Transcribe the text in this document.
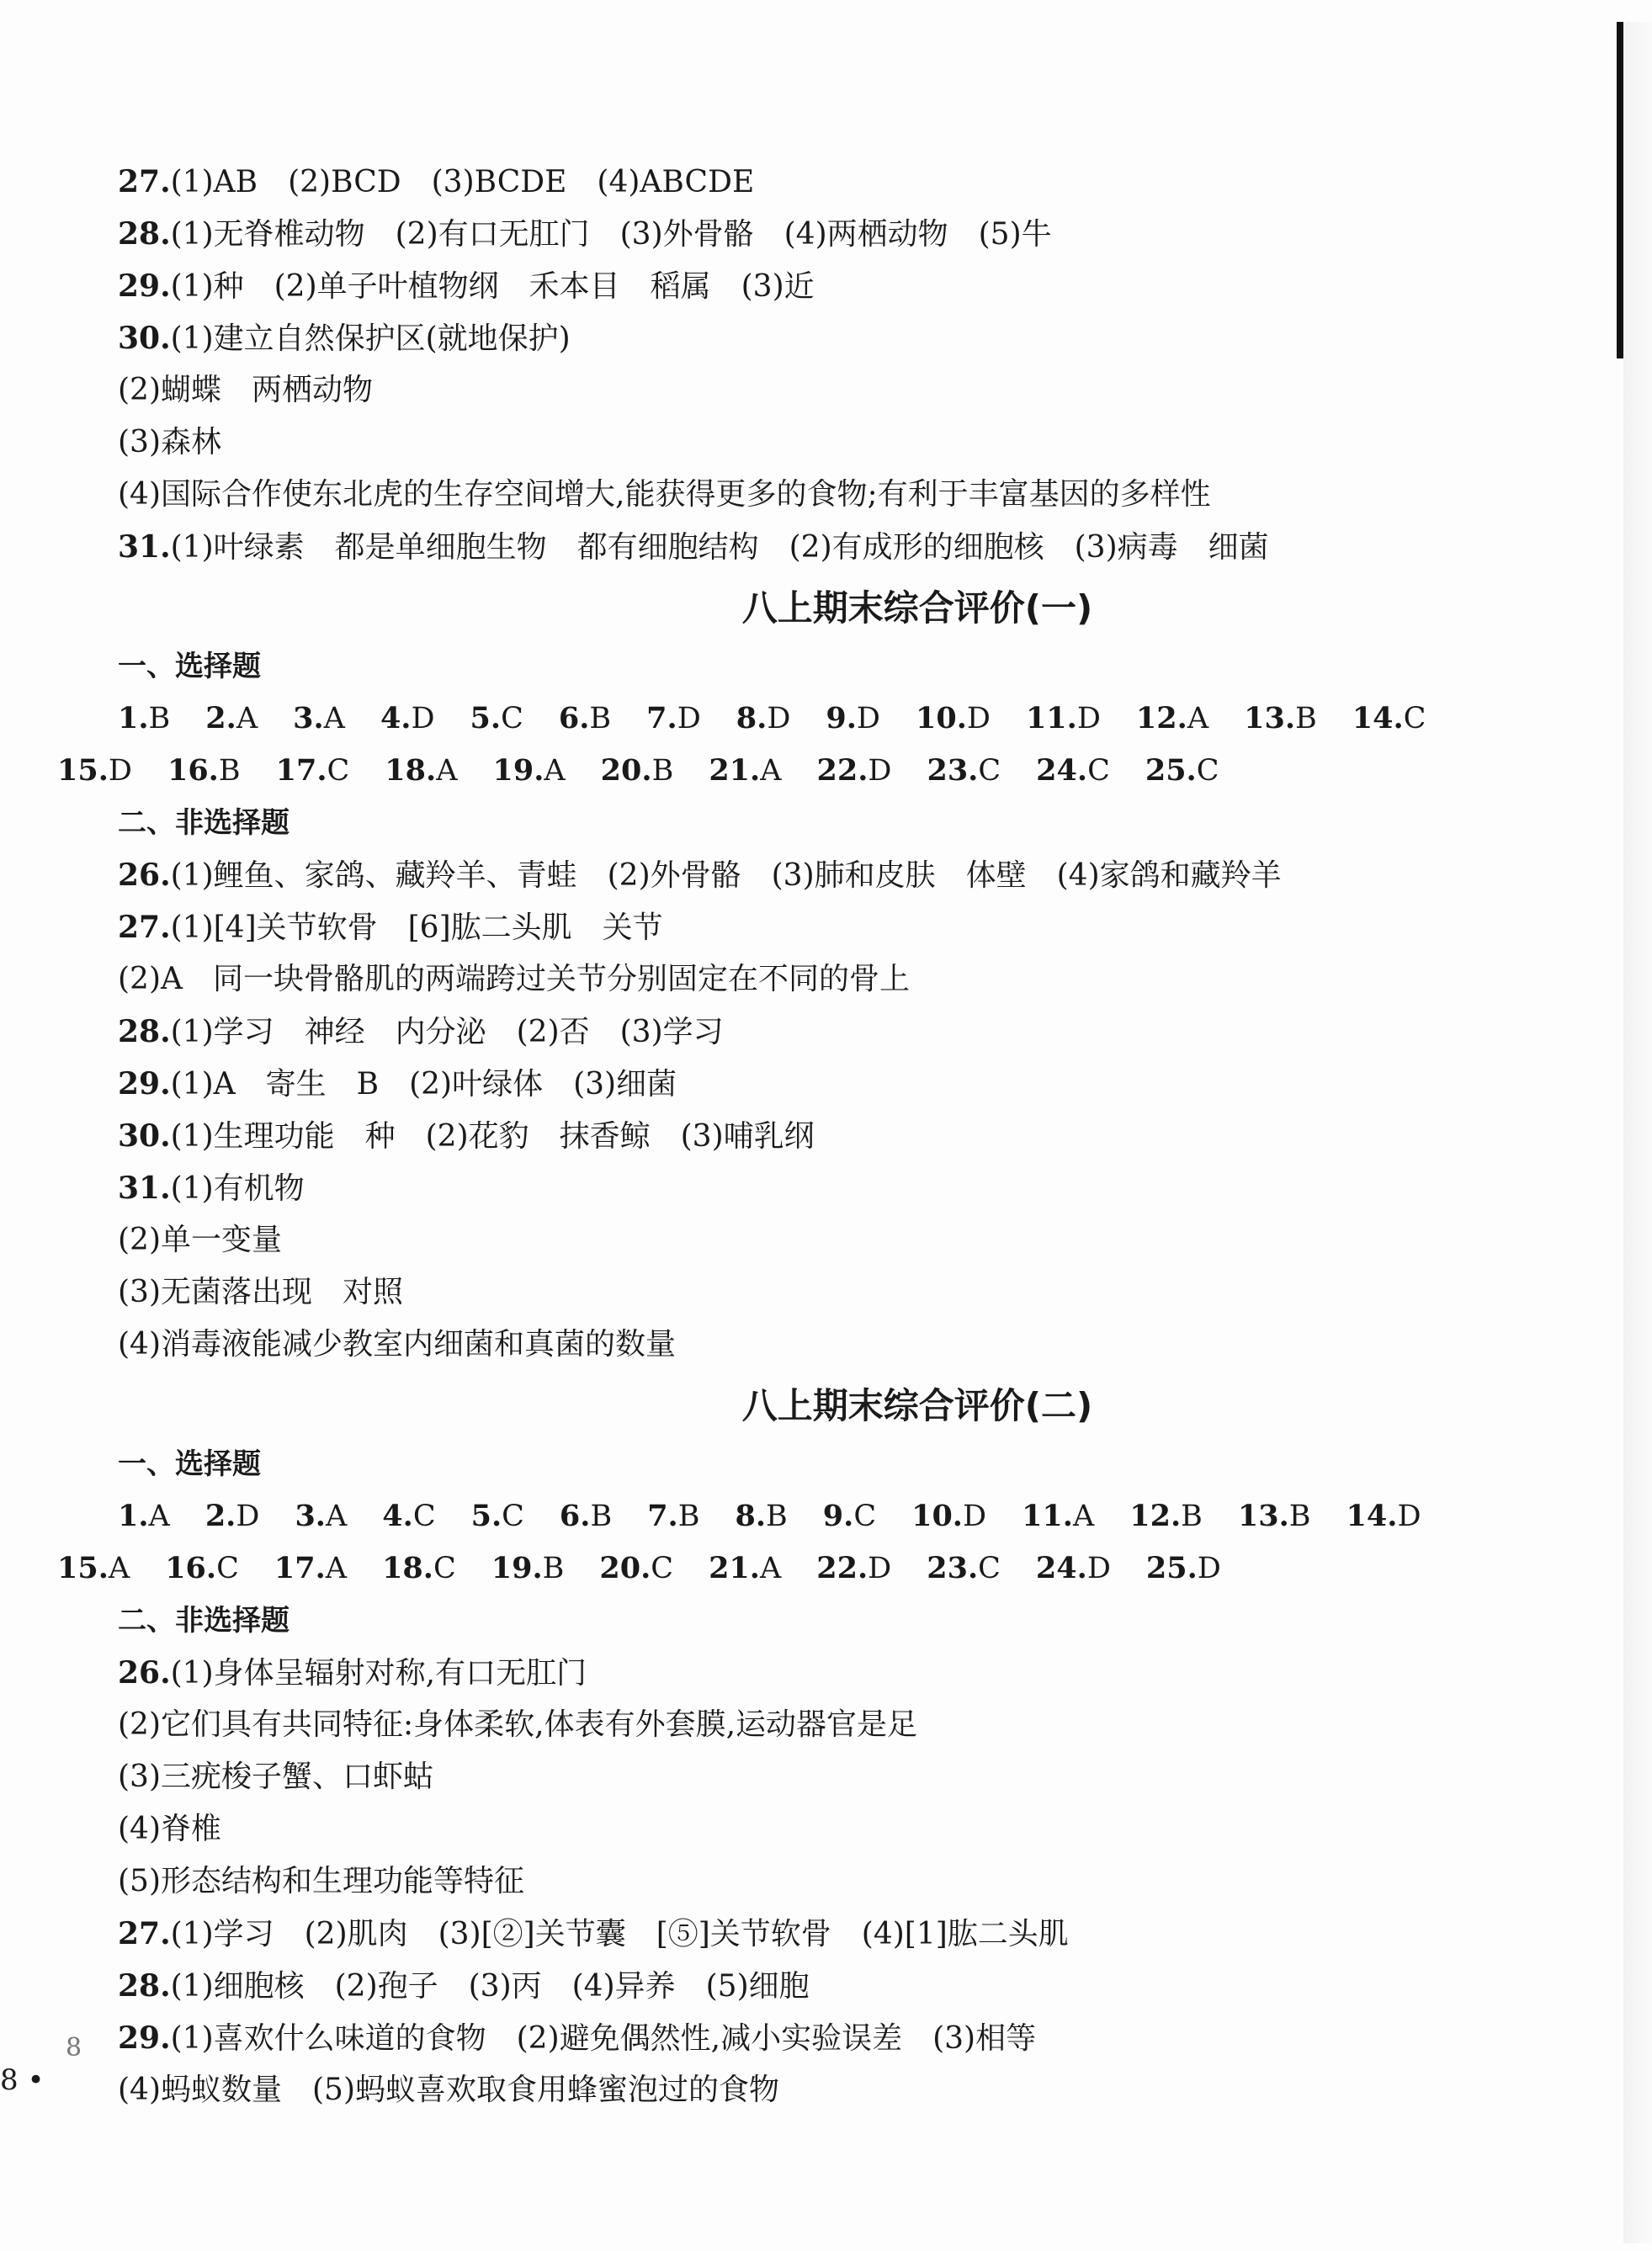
27.(1)AB　(2)BCD　(3)BCDE　(4)ABCDE
28.(1)无脊椎动物　(2)有口无肛门　(3)外骨骼　(4)两栖动物　(5)牛
29.(1)种　(2)单子叶植物纲　禾本目　稻属　(3)近
30.(1)建立自然保护区(就地保护)
(2)蝴蝶　两栖动物
(3)森林
(4)国际合作使东北虎的生存空间增大,能获得更多的食物;有利于丰富基因的多样性
31.(1)叶绿素　都是单细胞生物　都有细胞结构　(2)有成形的细胞核　(3)病毒　细菌
八上期末综合评价(一)
一、选择题
1.B 2.A 3.A 4.D 5.C 6.B 7.D 8.D 9.D 10.D 11.D 12.A 13.B 14.C
15.D 16.B 17.C 18.A 19.A 20.B 21.A 22.D 23.C 24.C 25.C
二、非选择题
26.(1)鲤鱼、家鸽、藏羚羊、青蛙　(2)外骨骼　(3)肺和皮肤　体壁　(4)家鸽和藏羚羊
27.(1)[4]关节软骨　[6]肱二头肌　关节
(2)A　同一块骨骼肌的两端跨过关节分别固定在不同的骨上
28.(1)学习　神经　内分泌　(2)否　(3)学习
29.(1)A　寄生　B　(2)叶绿体　(3)细菌
30.(1)生理功能　种　(2)花豹　抹香鲸　(3)哺乳纲
31.(1)有机物
(2)单一变量
(3)无菌落出现　对照
(4)消毒液能减少教室内细菌和真菌的数量
八上期末综合评价(二)
一、选择题
1.A 2.D 3.A 4.C 5.C 6.B 7.B 8.B 9.C 10.D 11.A 12.B 13.B 14.D
15.A 16.C 17.A 18.C 19.B 20.C 21.A 22.D 23.C 24.D 25.D
二、非选择题
26.(1)身体呈辐射对称,有口无肛门
(2)它们具有共同特征:身体柔软,体表有外套膜,运动器官是足
(3)三疣梭子蟹、口虾蛄
(4)脊椎
(5)形态结构和生理功能等特征
27.(1)学习　(2)肌肉　(3)[②]关节囊　[⑤]关节软骨　(4)[1]肱二头肌
28.(1)细胞核　(2)孢子　(3)丙　(4)异养　(5)细胞
29.(1)喜欢什么味道的食物　(2)避免偶然性,减小实验误差　(3)相等
(4)蚂蚁数量　(5)蚂蚁喜欢取食用蜂蜜泡过的食物
8
8 •
